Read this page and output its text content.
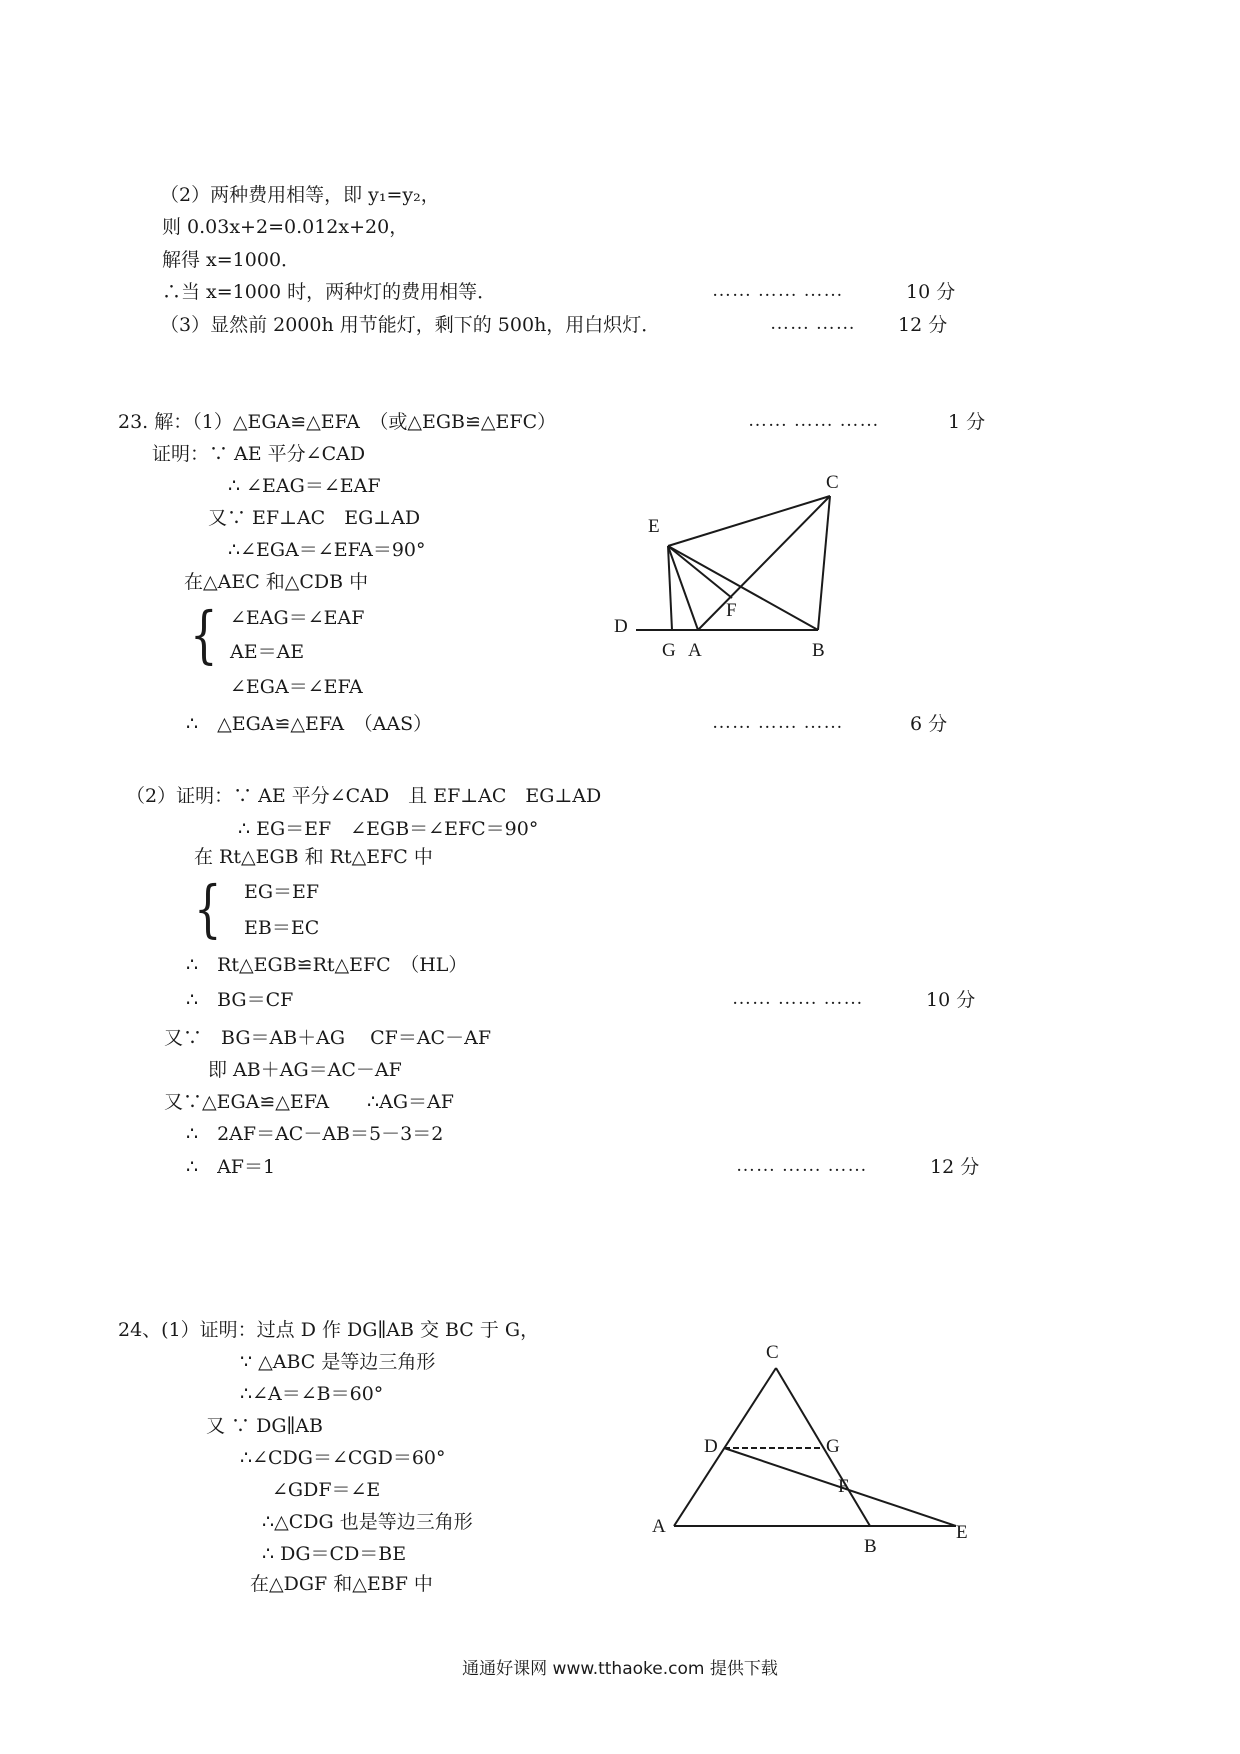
（2）两种费用相等，即 y₁=y₂，
则 0.03x+2=0.012x+20，
解得 x=1000．
∴当 x=1000 时，两种灯的费用相等．	…… …… ……	10 分
（3）显然前 2000h 用节能灯，剩下的 500h，用白炽灯．	…… …… 12 分
23. 解：（1）△EGA≌△EFA　（或△EGB≌△EFC）	…… …… ……	1 分
证明：∵ AE 平分∠CAD
∴ ∠EAG＝∠EAF
又∵ EF⊥AC　EG⊥AD
∴∠EGA＝∠EFA＝90°
在△AEC 和△CDB 中
{ ∠EAG＝∠EAF
AE＝AE
∠EGA＝∠EFA
∴　△EGA≌△EFA　（AAS）	…… …… ……	6 分
C
E
F
D
G A	B
（2）证明：∵ AE 平分∠CAD　且 EF⊥AC　EG⊥AD
∴ EG＝EF　∠EGB＝∠EFC＝90°
在 Rt△EGB 和 Rt△EFC 中
{ EG＝EF
EB＝EC
∴　Rt△EGB≌Rt△EFC　（HL）
∴　BG＝CF	…… …… ……	10 分
又∵　BG＝AB＋AG　 CF＝AC－AF
即 AB＋AG＝AC－AF
又∵△EGA≌△EFA　　∴AG＝AF
∴　2AF＝AC－AB＝5－3＝2
∴　AF＝1	…… …… ……	12 分
24、(1）证明：过点 D 作 DG∥AB 交 BC 于 G，
∵ △ABC 是等边三角形
∴∠A＝∠B＝60°
又 ∵ DG∥AB
∴∠CDG＝∠CGD＝60°
∠GDF＝∠E
∴△CDG 也是等边三角形
∴ DG＝CD＝BE
在△DGF 和△EBF 中
C
D	G
F
A
B
E
通通好课网 www.tthaoke.com 提供下载
